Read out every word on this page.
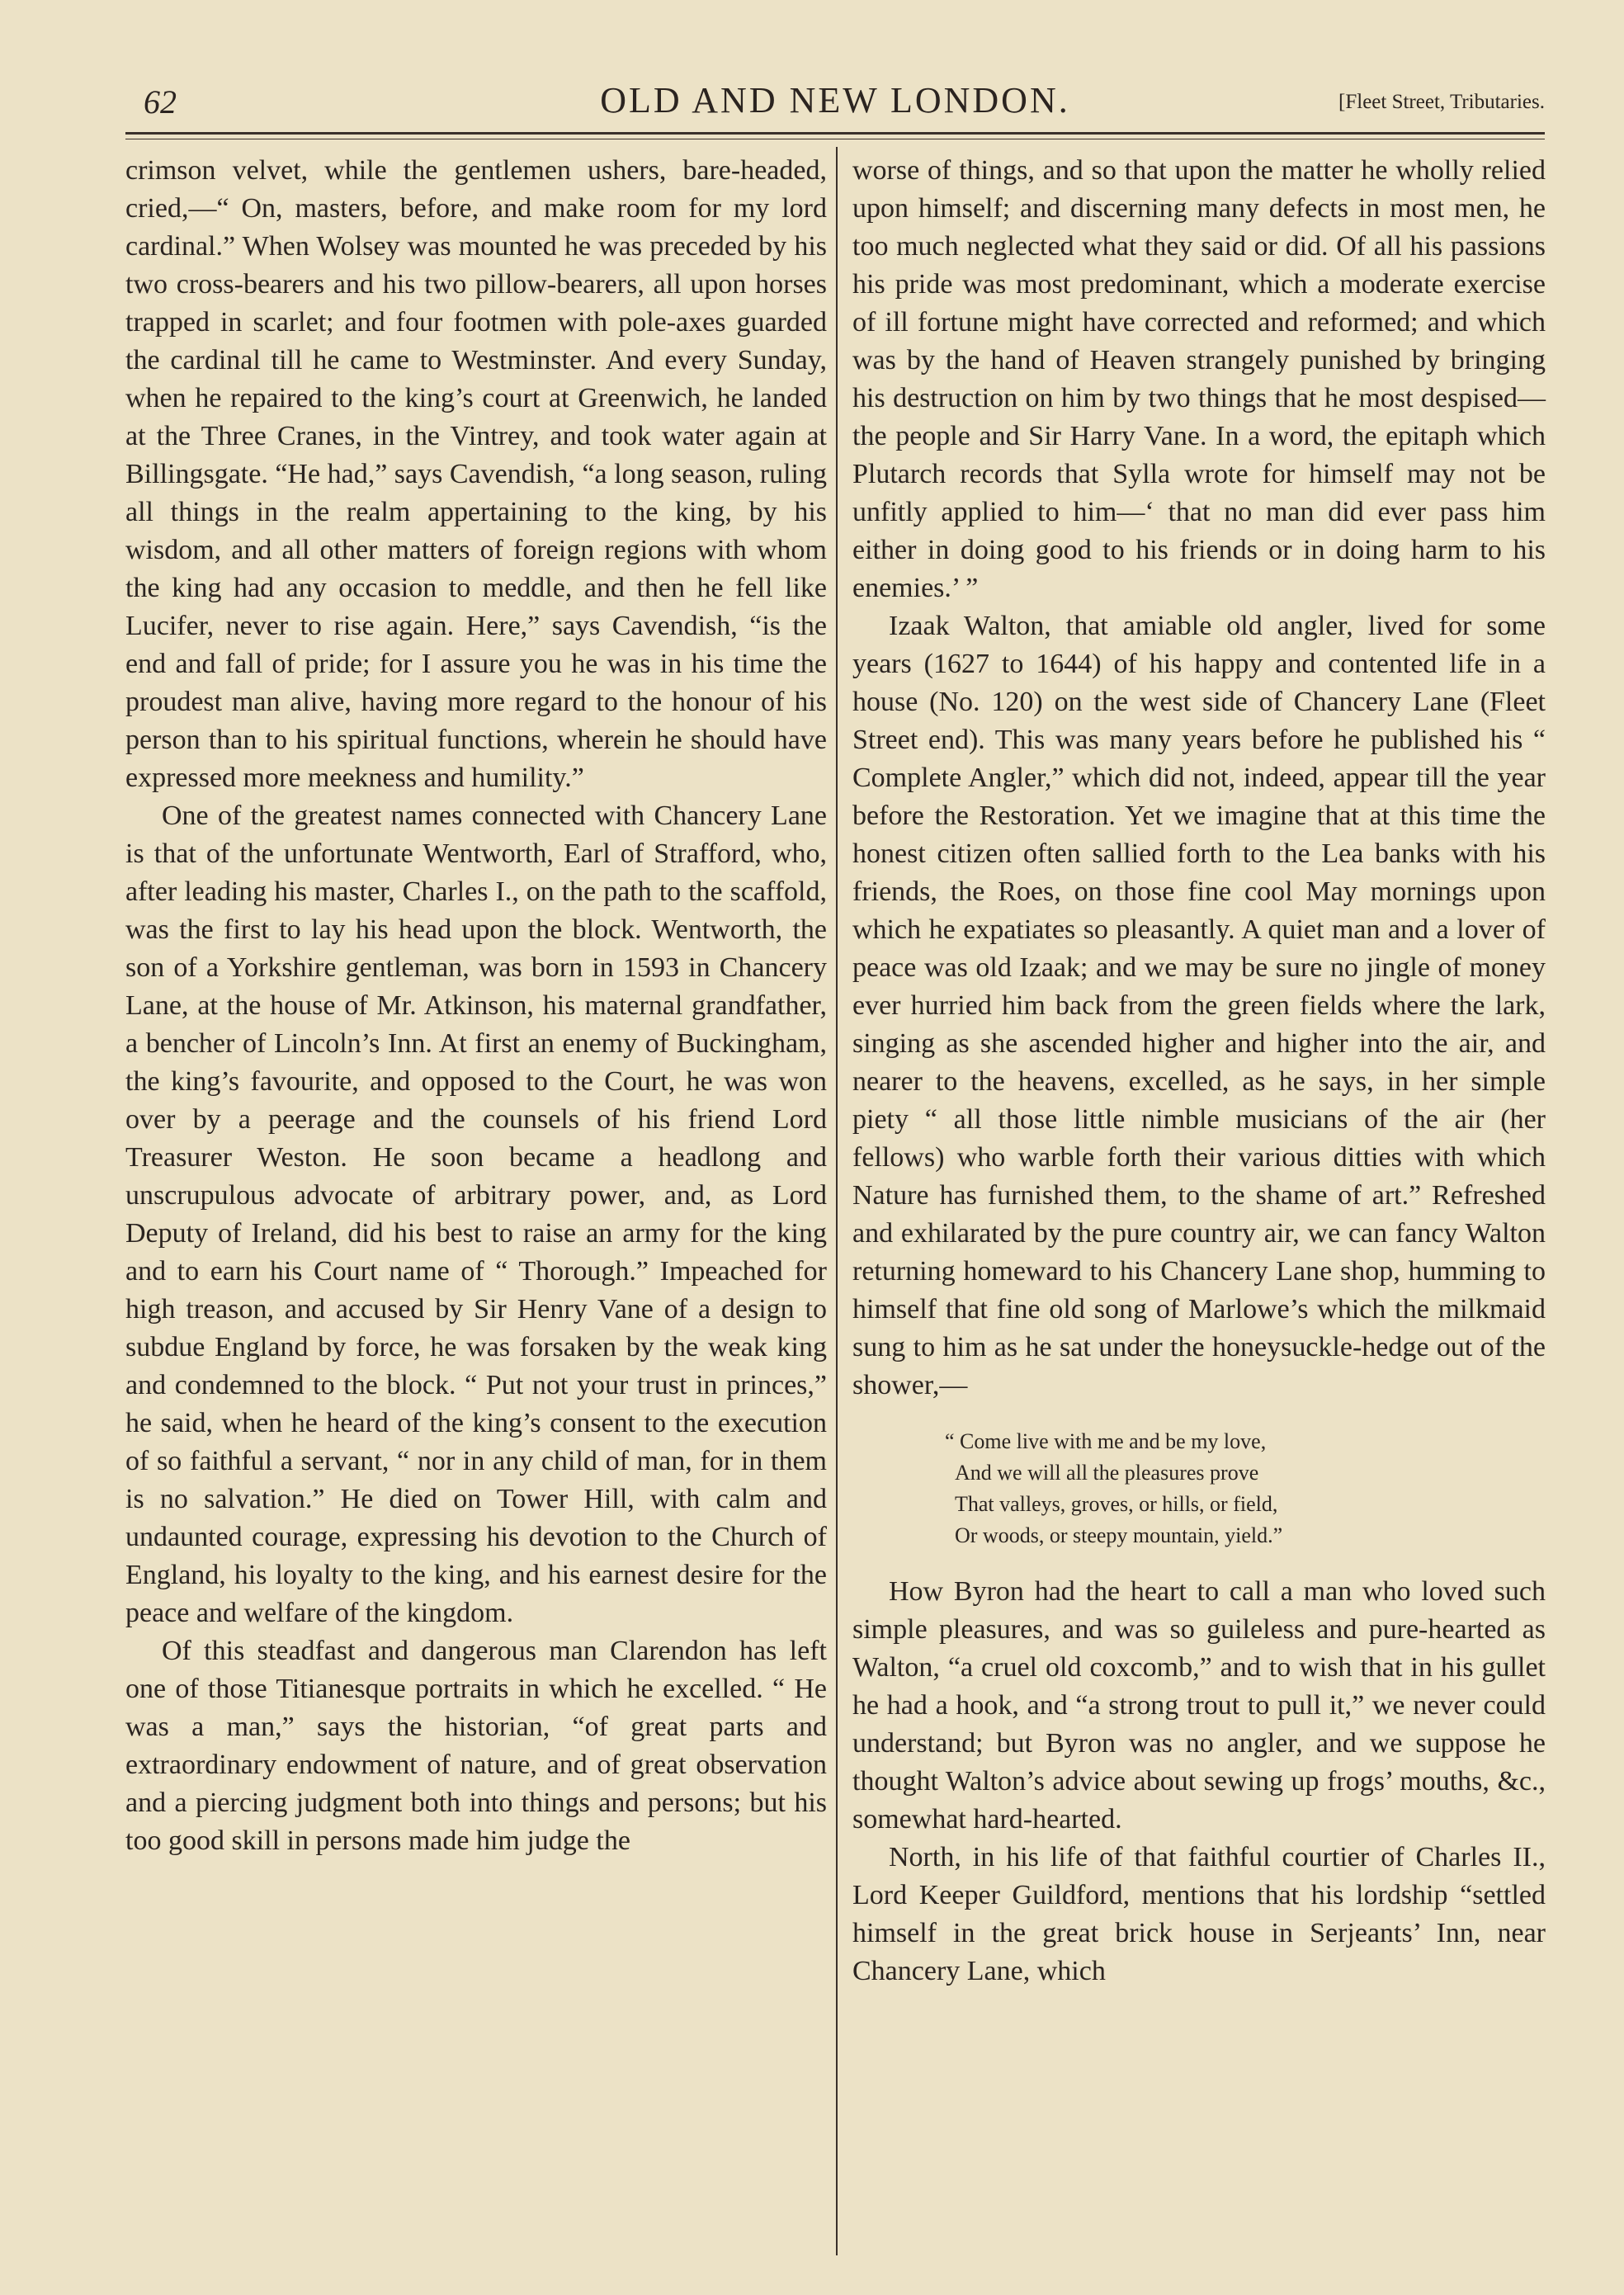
62	OLD AND NEW LONDON.	[Fleet Street, Tributaries.

crimson velvet, while the gentlemen ushers, bare-headed, cried,—“ On, masters, before, and make room for my lord cardinal.” When Wolsey was mounted he was preceded by his two cross-bearers and his two pillow-bearers, all upon horses trapped in scarlet; and four footmen with pole-axes guarded the cardinal till he came to Westminster. And every Sunday, when he repaired to the king’s court at Greenwich, he landed at the Three Cranes, in the Vintrey, and took water again at Billingsgate. “He had,” says Cavendish, “a long season, ruling all things in the realm appertaining to the king, by his wisdom, and all other matters of foreign regions with whom the king had any occasion to meddle, and then he fell like Lucifer, never to rise again. Here,” says Cavendish, “is the end and fall of pride; for I assure you he was in his time the proudest man alive, having more regard to the honour of his person than to his spiritual functions, wherein he should have expressed more meekness and humility.”

One of the greatest names connected with Chancery Lane is that of the unfortunate Wentworth, Earl of Strafford, who, after leading his master, Charles I., on the path to the scaffold, was the first to lay his head upon the block. Wentworth, the son of a Yorkshire gentleman, was born in 1593 in Chancery Lane, at the house of Mr. Atkinson, his maternal grandfather, a bencher of Lincoln’s Inn. At first an enemy of Buckingham, the king’s favourite, and opposed to the Court, he was won over by a peerage and the counsels of his friend Lord Treasurer Weston. He soon became a headlong and unscrupulous advocate of arbitrary power, and, as Lord Deputy of Ireland, did his best to raise an army for the king and to earn his Court name of “ Thorough.” Impeached for high treason, and accused by Sir Henry Vane of a design to subdue England by force, he was forsaken by the weak king and condemned to the block. “ Put not your trust in princes,” he said, when he heard of the king’s consent to the execution of so faithful a servant, “ nor in any child of man, for in them is no salvation.” He died on Tower Hill, with calm and undaunted courage, expressing his devotion to the Church of England, his loyalty to the king, and his earnest desire for the peace and welfare of the kingdom.

Of this steadfast and dangerous man Clarendon has left one of those Titianesque portraits in which he excelled. “ He was a man,” says the historian, “of great parts and extraordinary endowment of nature, and of great observation and a piercing judgment both into things and persons; but his too good skill in persons made him judge the

worse of things, and so that upon the matter he wholly relied upon himself; and discerning many defects in most men, he too much neglected what they said or did. Of all his passions his pride was most predominant, which a moderate exercise of ill fortune might have corrected and reformed; and which was by the hand of Heaven strangely punished by bringing his destruction on him by two things that he most despised—the people and Sir Harry Vane. In a word, the epitaph which Plutarch records that Sylla wrote for himself may not be unfitly applied to him—‘ that no man did ever pass him either in doing good to his friends or in doing harm to his enemies.’ ”

Izaak Walton, that amiable old angler, lived for some years (1627 to 1644) of his happy and contented life in a house (No. 120) on the west side of Chancery Lane (Fleet Street end). This was many years before he published his “ Complete Angler,” which did not, indeed, appear till the year before the Restoration. Yet we imagine that at this time the honest citizen often sallied forth to the Lea banks with his friends, the Roes, on those fine cool May mornings upon which he expatiates so pleasantly. A quiet man and a lover of peace was old Izaak; and we may be sure no jingle of money ever hurried him back from the green fields where the lark, singing as she ascended higher and higher into the air, and nearer to the heavens, excelled, as he says, in her simple piety “ all those little nimble musicians of the air (her fellows) who warble forth their various ditties with which Nature has furnished them, to the shame of art.” Refreshed and exhilarated by the pure country air, we can fancy Walton returning homeward to his Chancery Lane shop, humming to himself that fine old song of Marlowe’s which the milkmaid sung to him as he sat under the honeysuckle-hedge out of the shower,—

“ Come live with me and be my love,
And we will all the pleasures prove
That valleys, groves, or hills, or field,
Or woods, or steepy mountain, yield.”

How Byron had the heart to call a man who loved such simple pleasures, and was so guileless and pure-hearted as Walton, “a cruel old coxcomb,” and to wish that in his gullet he had a hook, and “a strong trout to pull it,” we never could understand; but Byron was no angler, and we suppose he thought Walton’s advice about sewing up frogs’ mouths, &c., somewhat hard-hearted.

North, in his life of that faithful courtier of Charles II., Lord Keeper Guildford, mentions that his lordship “settled himself in the great brick house in Serjeants’ Inn, near Chancery Lane, which
